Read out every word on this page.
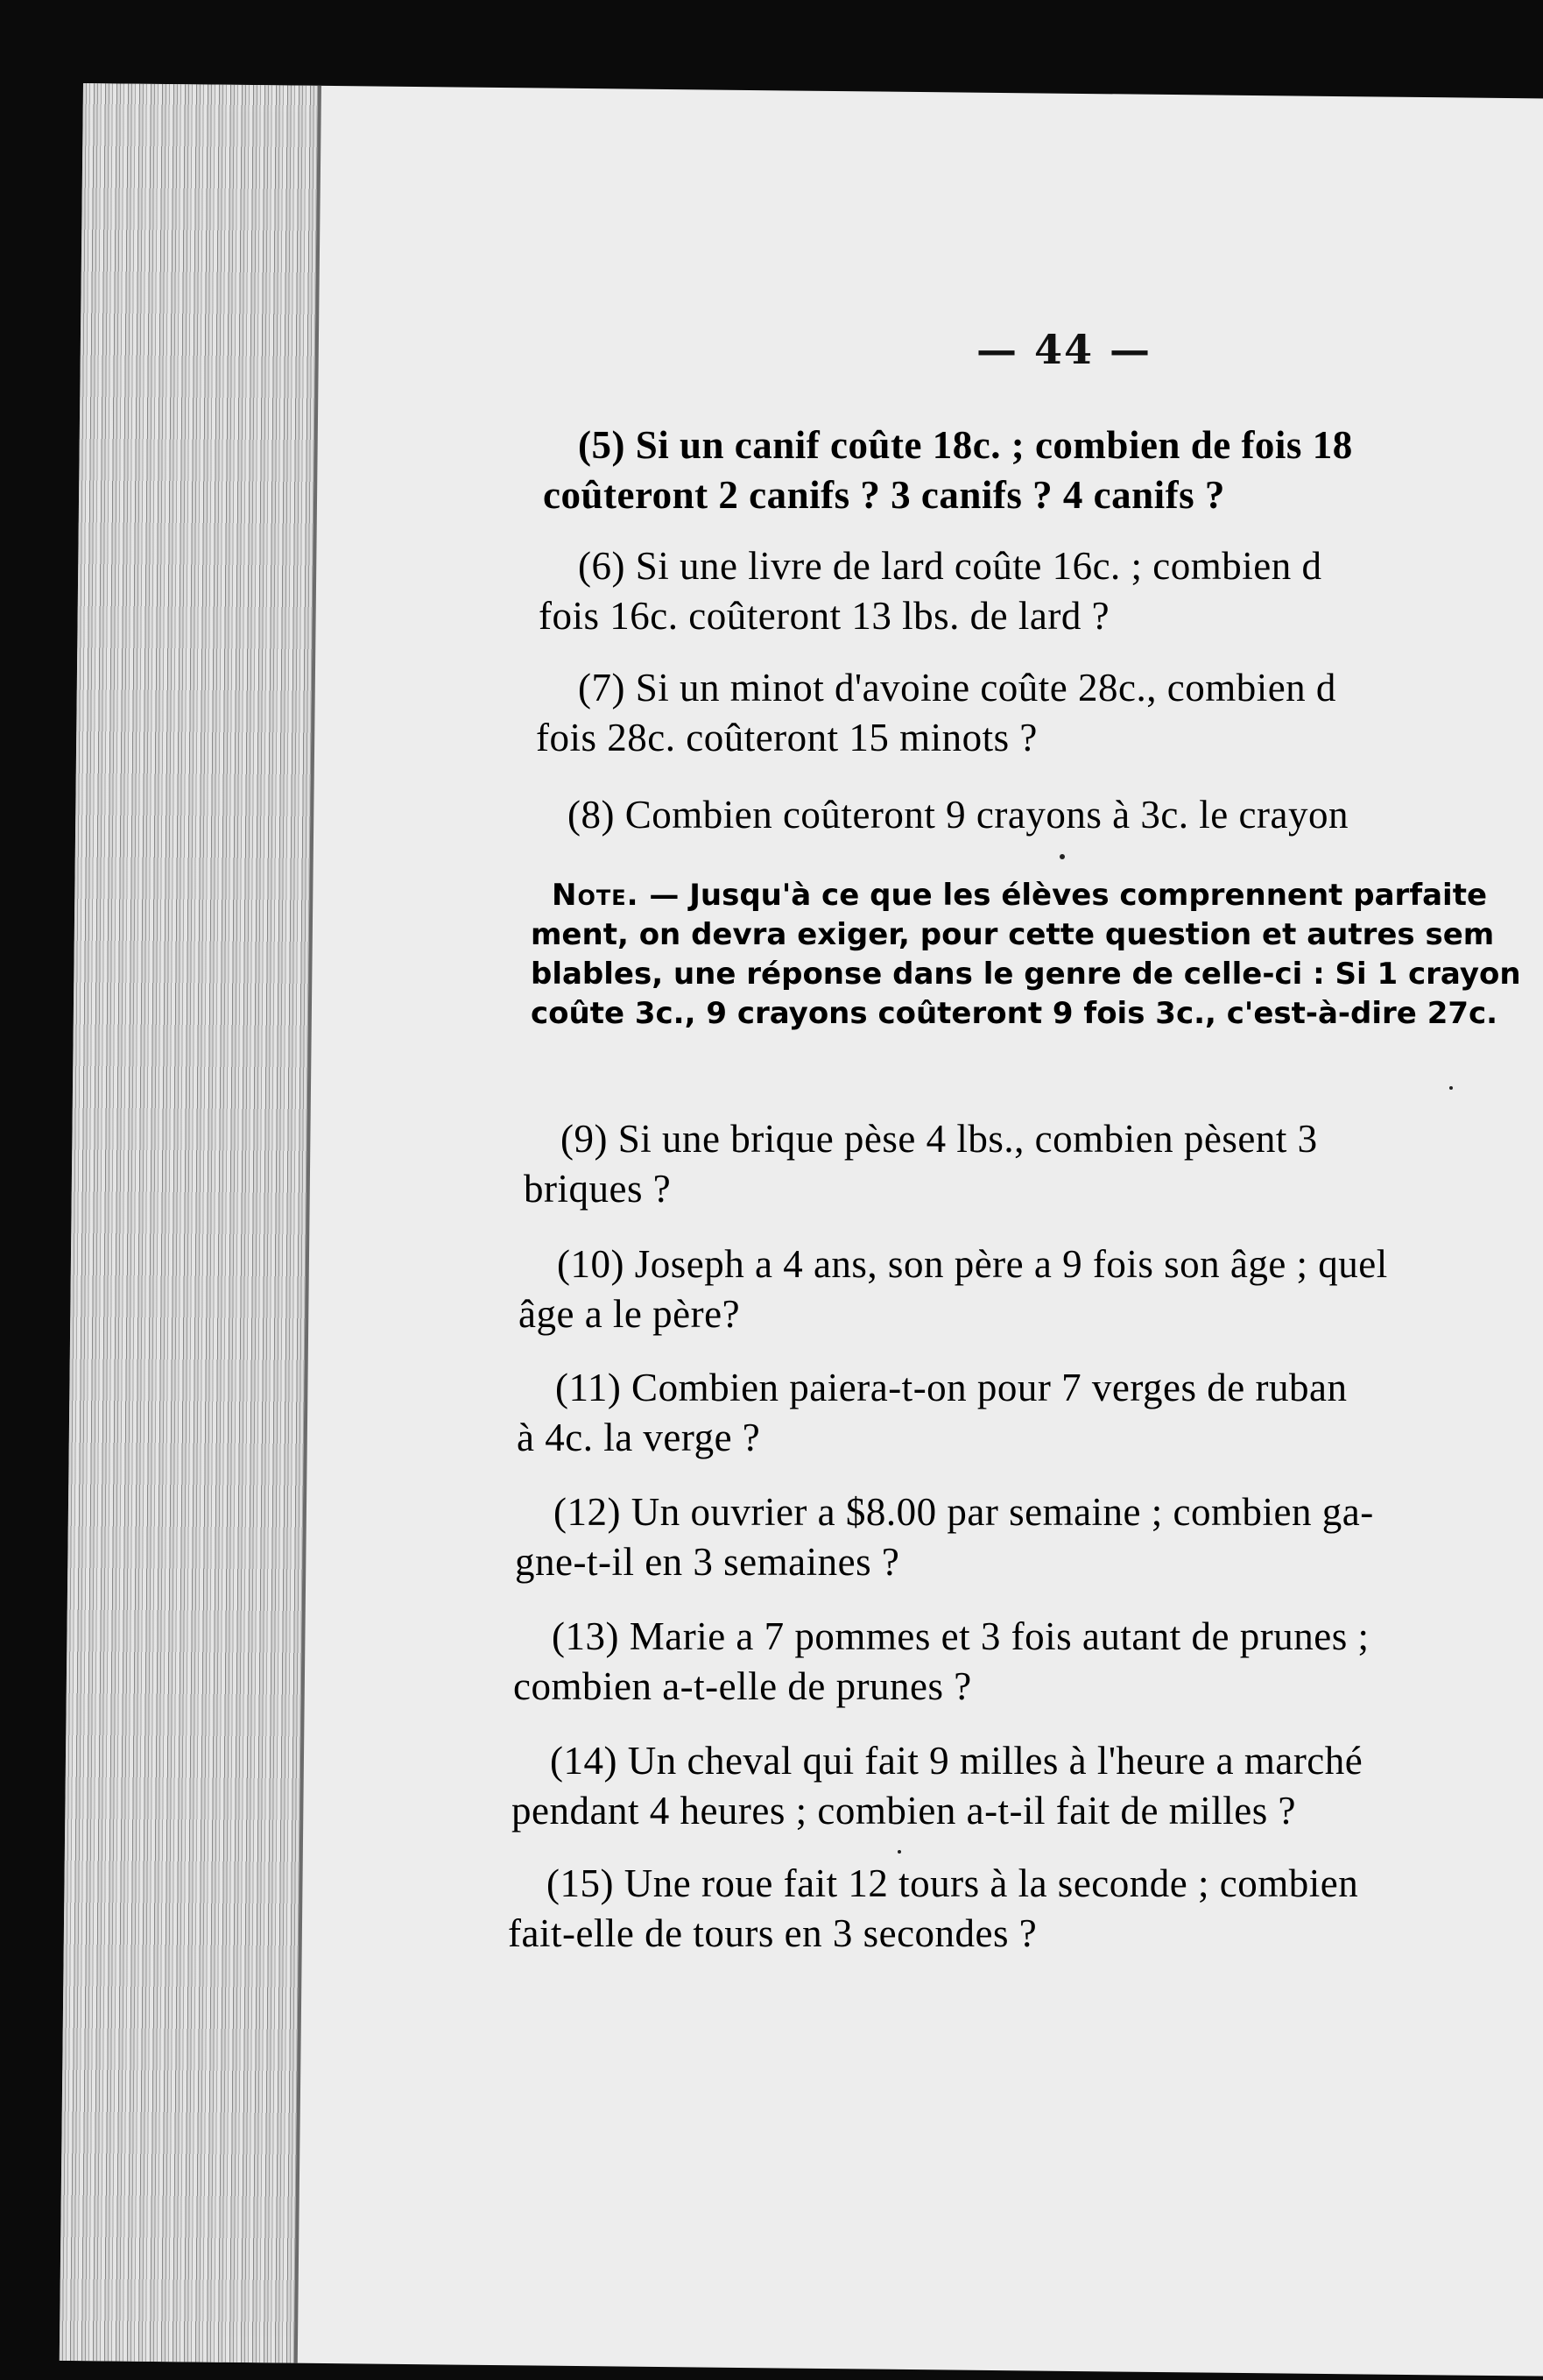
— 44 —
(5) Si un canif coûte 18c. ; combien de fois 18
coûteront 2 canifs ? 3 canifs ? 4 canifs ?
(6) Si une livre de lard coûte 16c. ; combien d
fois 16c. coûteront 13 lbs. de lard ?
(7) Si un minot d'avoine coûte 28c., combien d
fois 28c. coûteront 15 minots ?
(8) Combien coûteront 9 crayons à 3c. le crayon
Note. — Jusqu'à ce que les élèves comprennent parfaite
ment, on devra exiger, pour cette question et autres sem
blables, une réponse dans le genre de celle-ci : Si 1 crayon
coûte 3c., 9 crayons coûteront 9 fois 3c., c'est-à-dire 27c.
(9) Si une brique pèse 4 lbs., combien pèsent 3
briques ?
(10) Joseph a 4 ans, son père a 9 fois son âge ; quel
âge a le père?
(11) Combien paiera-t-on pour 7 verges de ruban
à 4c. la verge ?
(12) Un ouvrier a $8.00 par semaine ; combien ga-
gne-t-il en 3 semaines ?
(13) Marie a 7 pommes et 3 fois autant de prunes ;
combien a-t-elle de prunes ?
(14) Un cheval qui fait 9 milles à l'heure a marché
pendant 4 heures ; combien a-t-il fait de milles ?
(15) Une roue fait 12 tours à la seconde ; combien
fait-elle de tours en 3 secondes ?
